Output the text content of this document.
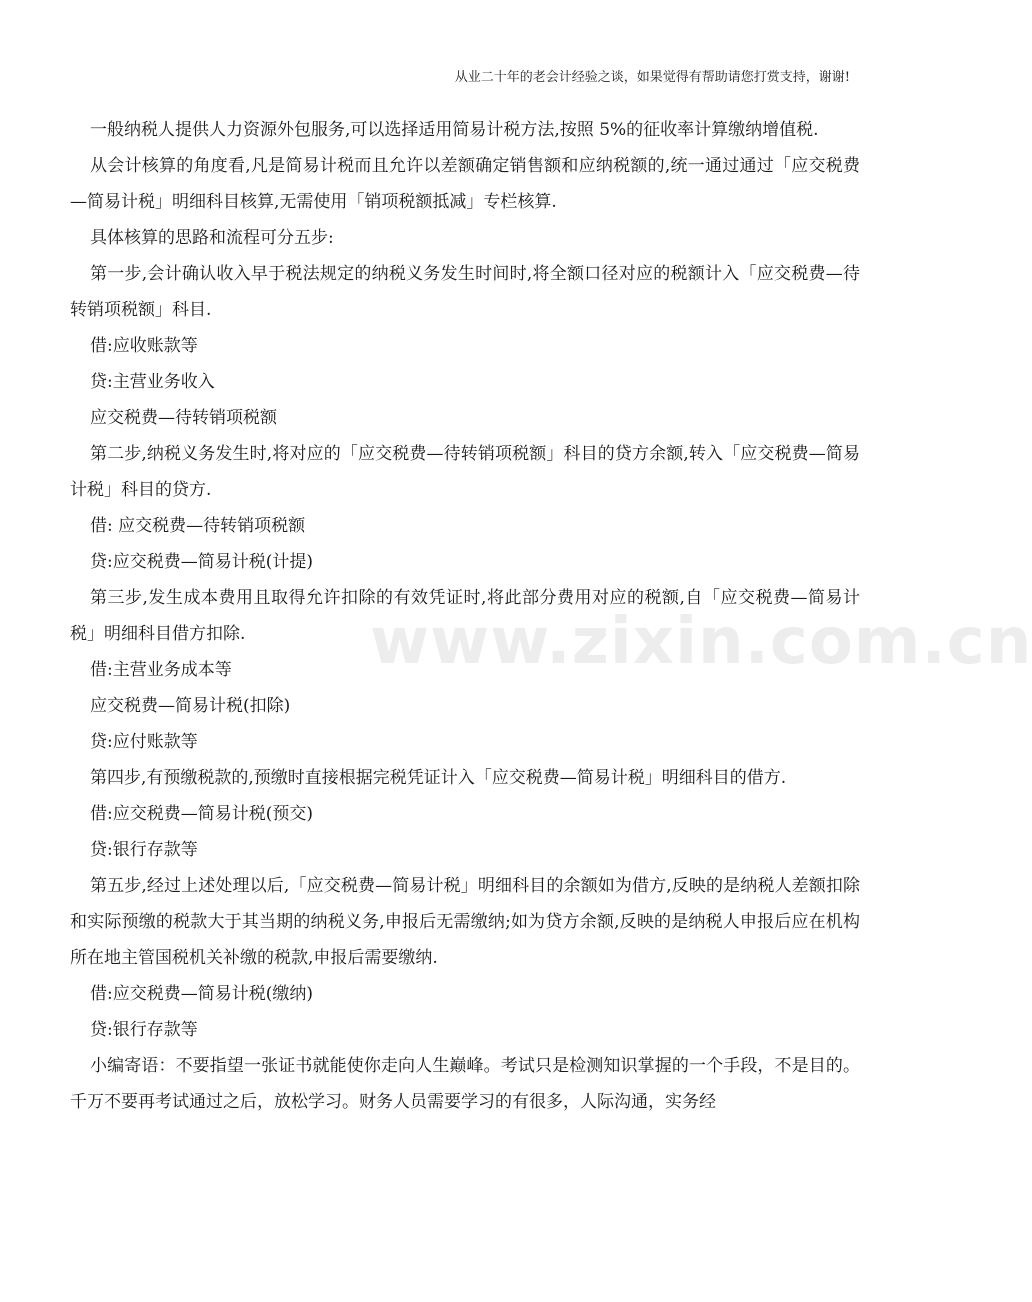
从业二十年的老会计经验之谈，如果觉得有帮助请您打赏支持，谢谢!
www.zixin.com.cn

一般纳税人提供人力资源外包服务,可以选择适用简易计税方法,按照 5%的征收率计算缴纳增值税.

从会计核算的角度看,凡是简易计税而且允许以差额确定销售额和应纳税额的,统一通过通过「应交税费—简易计税」明细科目核算,无需使用「销项税额抵减」专栏核算.

具体核算的思路和流程可分五步:

第一步,会计确认收入早于税法规定的纳税义务发生时间时,将全额口径对应的税额计入「应交税费—待转销项税额」科目.

借:应收账款等

贷:主营业务收入

应交税费—待转销项税额

第二步,纳税义务发生时,将对应的「应交税费—待转销项税额」科目的贷方余额,转入「应交税费—简易计税」科目的贷方.

借: 应交税费—待转销项税额

贷:应交税费—简易计税(计提)

第三步,发生成本费用且取得允许扣除的有效凭证时,将此部分费用对应的税额,自「应交税费—简易计税」明细科目借方扣除.

借:主营业务成本等

应交税费—简易计税(扣除)

贷:应付账款等

第四步,有预缴税款的,预缴时直接根据完税凭证计入「应交税费—简易计税」明细科目的借方.

借:应交税费—简易计税(预交)

贷:银行存款等

第五步,经过上述处理以后,「应交税费—简易计税」明细科目的余额如为借方,反映的是纳税人差额扣除和实际预缴的税款大于其当期的纳税义务,申报后无需缴纳;如为贷方余额,反映的是纳税人申报后应在机构所在地主管国税机关补缴的税款,申报后需要缴纳.

借:应交税费—简易计税(缴纳)

贷:银行存款等

小编寄语：不要指望一张证书就能使你走向人生巅峰。考试只是检测知识掌握的一个手段，不是目的。千万不要再考试通过之后，放松学习。财务人员需要学习的有很多，人际沟通，实务经
